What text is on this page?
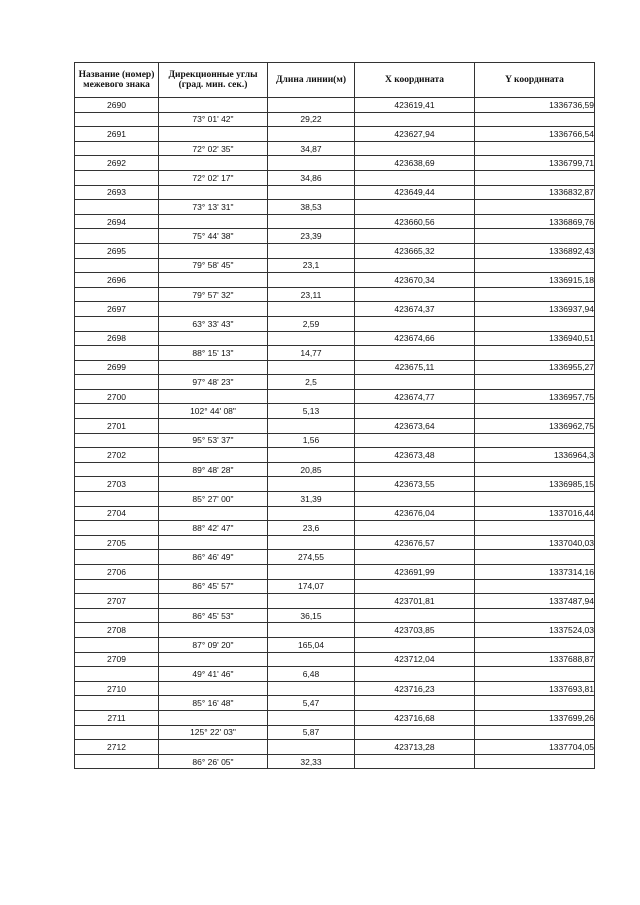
Название (номер) межевого знака	Дирекционные углы (град. мин. сек.)	Длина линии(м)	X координата	Y координата
2690			423619,41	1336736,59
	73° 01' 42"	29,22		
2691			423627,94	1336766,54
	72° 02' 35"	34,87		
2692			423638,69	1336799,71
	72° 02' 17"	34,86		
2693			423649,44	1336832,87
	73° 13' 31"	38,53		
2694			423660,56	1336869,76
	75° 44' 38"	23,39		
2695			423665,32	1336892,43
	79° 58' 45"	23,1		
2696			423670,34	1336915,18
	79° 57' 32"	23,11		
2697			423674,37	1336937,94
	63° 33' 43"	2,59		
2698			423674,66	1336940,51
	88° 15' 13"	14,77		
2699			423675,11	1336955,27
	97° 48' 23"	2,5		
2700			423674,77	1336957,75
	102° 44' 08"	5,13		
2701			423673,64	1336962,75
	95° 53' 37"	1,56		
2702			423673,48	1336964,3
	89° 48' 28"	20,85		
2703			423673,55	1336985,15
	85° 27' 00"	31,39		
2704			423676,04	1337016,44
	88° 42' 47"	23,6		
2705			423676,57	1337040,03
	86° 46' 49"	274,55		
2706			423691,99	1337314,16
	86° 45' 57"	174,07		
2707			423701,81	1337487,94
	86° 45' 53"	36,15		
2708			423703,85	1337524,03
	87° 09' 20"	165,04		
2709			423712,04	1337688,87
	49° 41' 46"	6,48		
2710			423716,23	1337693,81
	85° 16' 48"	5,47		
2711			423716,68	1337699,26
	125° 22' 03"	5,87		
2712			423713,28	1337704,05
	86° 26' 05"	32,33		
